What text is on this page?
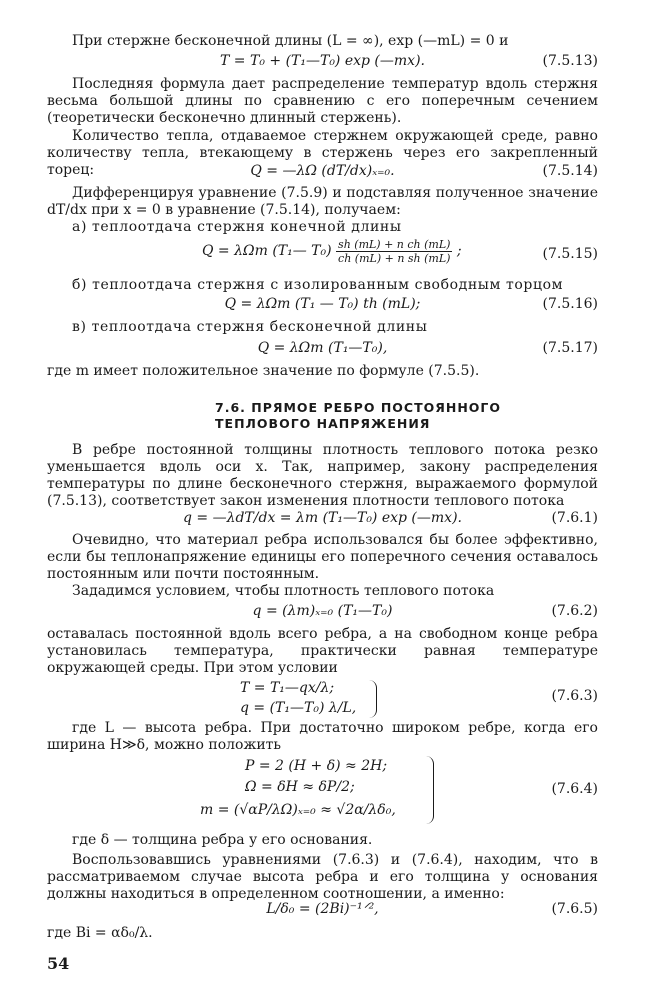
При стержне бесконечной длины (L = ∞), exp (—mL) = 0 и
T = T₀ + (T₁—T₀) exp (—mx).	(7.5.13)
Последняя формула дает распределение температур вдоль стержня весьма большой длины по сравнению с его поперечным сечением (теоретически бесконечно длинный стержень).
Количество тепла, отдаваемое стержнем окружающей среде, равно количеству тепла, втекающему в стержень через его закрепленный торец:	Q = —λΩ (dT/dx)ₓ₌₀.	(7.5.14)
Дифференцируя уравнение (7.5.9) и подставляя полученное значение dT/dx при x = 0 в уравнение (7.5.14), получаем:
а) теплоотдача стержня конечной длины
Q = λΩm (T₁— $T_0) \frac{\text{sh (mL) + n ch (mL)}}{\text{ch (mL) + n sh (mL)}}$ ;	(7.5.15)
б) теплоотдача стержня с изолированным свободным торцом
Q = λΩm (T₁ — T₀) th (mL);	(7.5.16)
в) теплоотдача стержня бесконечной длины
Q = λΩm (T₁—T₀),	(7.5.17)
где m имеет положительное значение по формуле (7.5.5).
7.6. ПРЯМОЕ РЕБРО ПОСТОЯННОГО ТЕПЛОВОГО НАПРЯЖЕНИЯ
В ребре постоянной толщины плотность теплового потока резко уменьшается вдоль оси x. Так, например, закону распределения температуры по длине бесконечного стержня, выражаемого формулой (7.5.13), соответствует закон изменения плотности теплового потока
q = —λdT/dx = λm (T₁—T₀) exp (—mx).	(7.6.1)
Очевидно, что материал ребра использовался бы более эффективно, если бы теплонапряжение единицы его поперечного сечения оставалось постоянным или почти постоянным.
Зададимся условием, чтобы плотность теплового потока
q = (λm)ₓ₌₀ (T₁—T₀)	(7.6.2)
оставалась постоянной вдоль всего ребра, а на свободном конце ребра установилась температура, практически равная температуре окружающей среды. При этом условии
T = T₁—qx/λ;
q = (T₁—T₀) λ/L,
(7.6.3)
где L — высота ребра. При достаточно широком ребре, когда его ширина H≫δ, можно положить
P = 2 (H + δ) ≈ 2H;
Ω = δH ≈ δP/2;
m = (√αP/λΩ)ₓ₌₀ ≈ √2α/λδ₀,
(7.6.4)
где δ — толщина ребра у его основания.
Воспользовавшись уравнениями (7.6.3) и (7.6.4), находим, что в рассматриваемом случае высота ребра и его толщина у основания должны находиться в определенном соотношении, а именно:
L/δ₀ = (2Bi)⁻¹ᐟ²,	(7.6.5)
где Bi = αδ₀/λ.
54
